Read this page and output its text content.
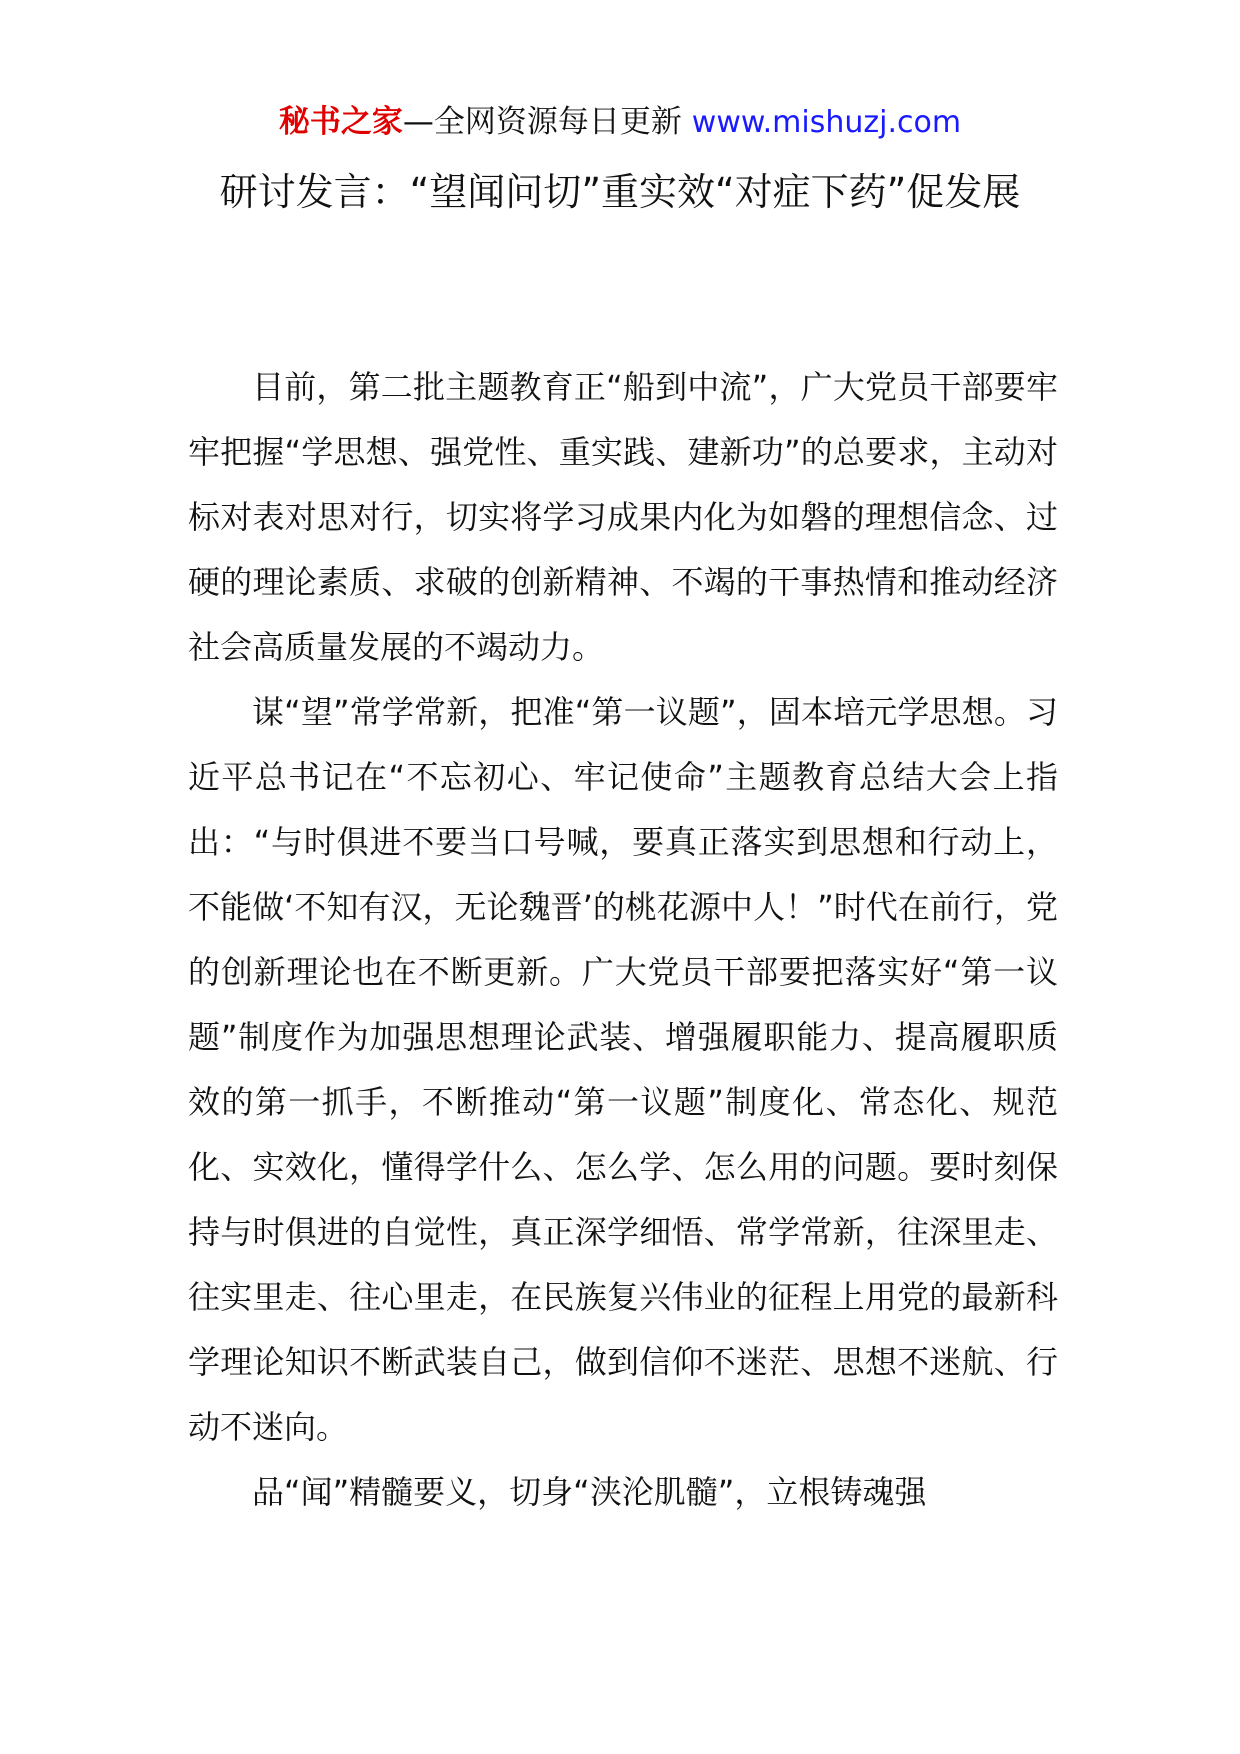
秘书之家—全网资源每日更新 www.mishuzj.com
研讨发言：“望闻问切”重实效“对症下药”促发展

目前，第二批主题教育正“船到中流”，广大党员干部要牢牢把握“学思想、强党性、重实践、建新功”的总要求，主动对标对表对思对行，切实将学习成果内化为如磐的理想信念、过硬的理论素质、求破的创新精神、不竭的干事热情和推动经济社会高质量发展的不竭动力。

谋“望”常学常新，把准“第一议题”，固本培元学思想。习近平总书记在“不忘初心、牢记使命”主题教育总结大会上指出：“与时俱进不要当口号喊，要真正落实到思想和行动上，不能做‘不知有汉，无论魏晋’的桃花源中人！”时代在前行，党的创新理论也在不断更新。广大党员干部要把落实好“第一议题”制度作为加强思想理论武装、增强履职能力、提高履职质效的第一抓手，不断推动“第一议题”制度化、常态化、规范化、实效化，懂得学什么、怎么学、怎么用的问题。要时刻保持与时俱进的自觉性，真正深学细悟、常学常新，往深里走、往实里走、往心里走，在民族复兴伟业的征程上用党的最新科学理论知识不断武装自己，做到信仰不迷茫、思想不迷航、行动不迷向。

品“闻”精髓要义，切身“浃沦肌髓”，立根铸魂强
